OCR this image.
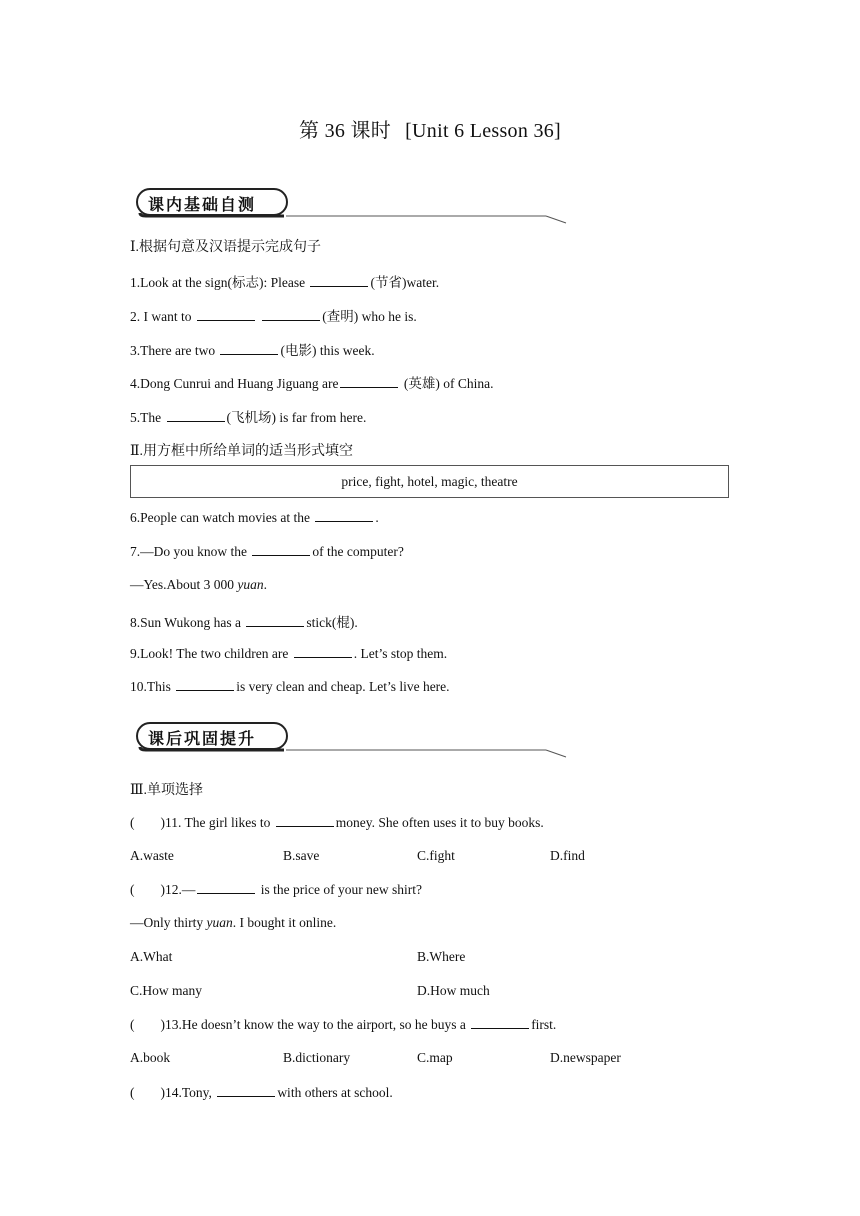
第 36 课时 [Unit 6 Lesson 36]
课内基础自测
Ⅰ.根据句意及汉语提示完成句子
1.Look at the sign(标志): Please	(节省)water.
2. I want to	(查明) who he is.
3.There are two	(电影) this week.
4.Dong Cunrui and Huang Jiguang are	(英雄) of China.
5.The	(飞机场) is far from here.
Ⅱ.用方框中所给单词的适当形式填空
price, fight, hotel, magic, theatre
6.People can watch movies at the	.
7.—Do you know the	of the computer?
—Yes.About 3 000 yuan.
8.Sun Wukong has a	stick(棍).
9.Look! The two children are	. Let’s stop them.
10.This	is very clean and cheap. Let’s live here.
课后巩固提升
Ⅲ.单项选择
( )11. The girl likes to	money. She often uses it to buy books.
A.waste	B.save	C.fight	D.find
( )12.—	is the price of your new shirt?
—Only thirty yuan. I bought it online.
A.What	B.Where
C.How many	D.How much
( )13.He doesn’t know the way to the airport, so he buys a	first.
A.book	B.dictionary	C.map	D.newspaper
( )14.Tony,	with others at school.
